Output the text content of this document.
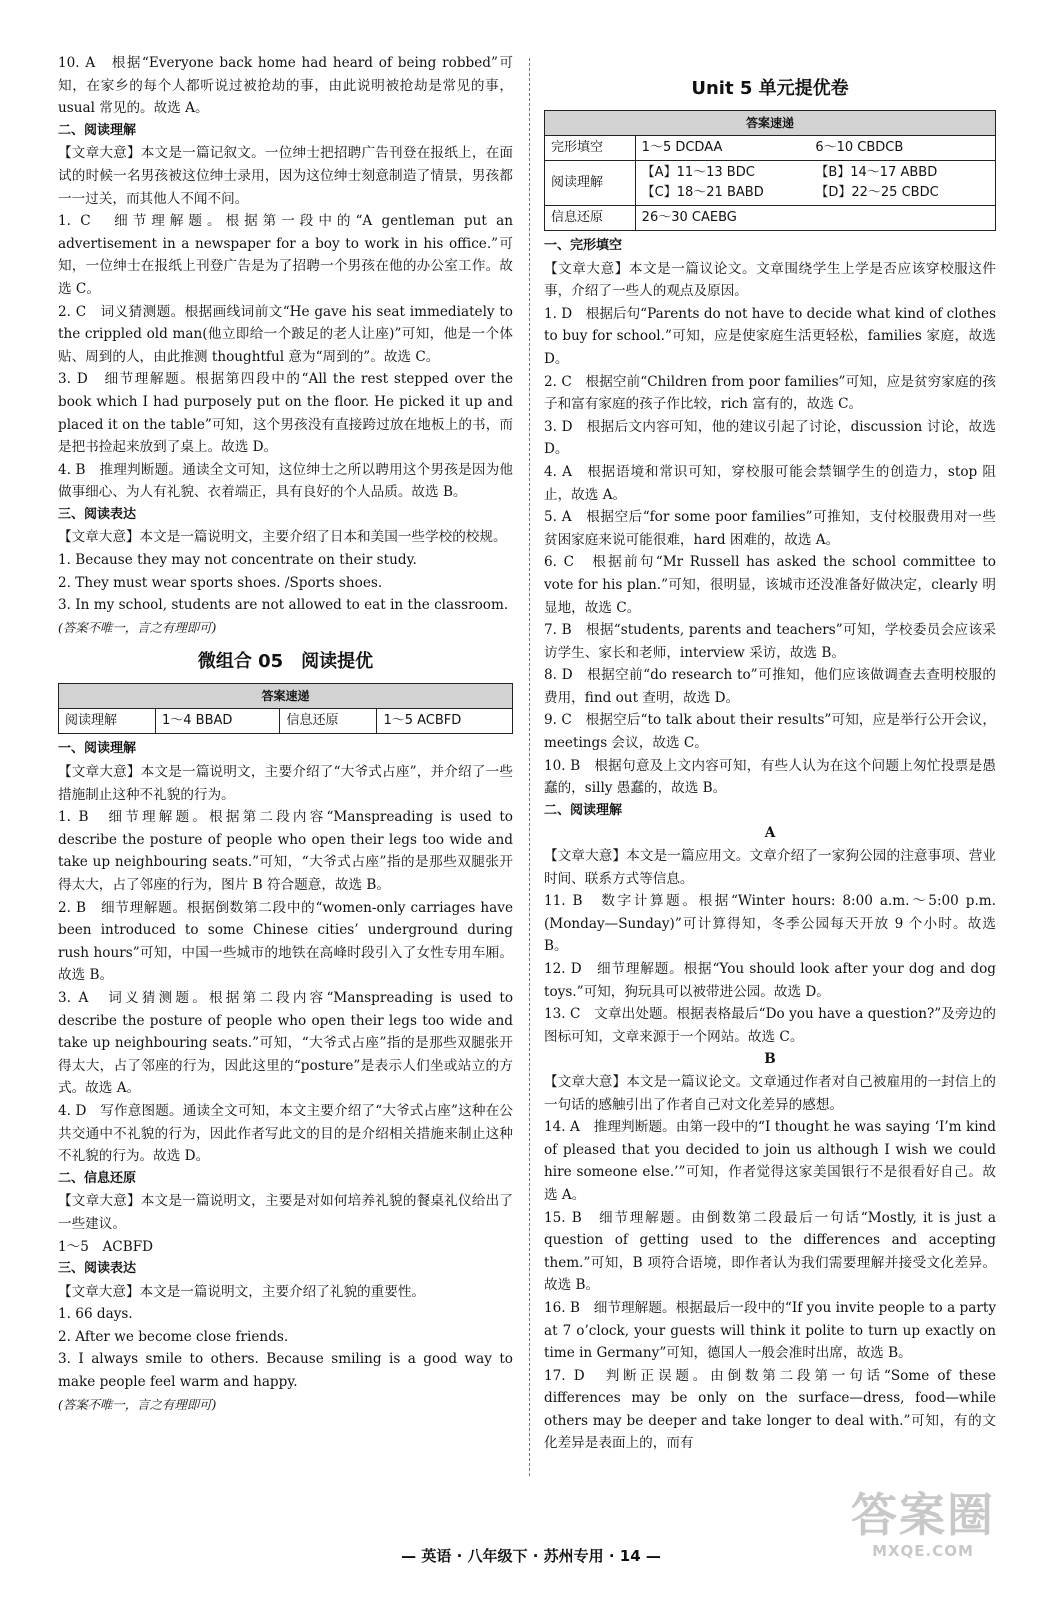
10. A　根据“Everyone back home had heard of being robbed”可知，在家乡的每个人都听说过被抢劫的事，由此说明被抢劫是常见的事，usual 常见的。故选 A。
二、阅读理解
【文章大意】本文是一篇记叙文。一位绅士把招聘广告刊登在报纸上，在面试的时候一名男孩被这位绅士录用，因为这位绅士刻意制造了情景，男孩都一一过关，而其他人不闻不问。
1. C　细节理解题。根据第一段中的“A gentleman put an advertisement in a newspaper for a boy to work in his office.”可知，一位绅士在报纸上刊登广告是为了招聘一个男孩在他的办公室工作。故选 C。
2. C　词义猜测题。根据画线词前文“He gave his seat immediately to the crippled old man(他立即给一个跛足的老人让座)”可知，他是一个体贴、周到的人，由此推测 thoughtful 意为“周到的”。故选 C。
3. D　细节理解题。根据第四段中的“All the rest stepped over the book which I had purposely put on the floor. He picked it up and placed it on the table”可知，这个男孩没有直接跨过放在地板上的书，而是把书捡起来放到了桌上。故选 D。
4. B　推理判断题。通读全文可知，这位绅士之所以聘用这个男孩是因为他做事细心、为人有礼貌、衣着端正，具有良好的个人品质。故选 B。
三、阅读表达
【文章大意】本文是一篇说明文，主要介绍了日本和美国一些学校的校规。
1. Because they may not concentrate on their study.
2. They must wear sports shoes. /Sports shoes.
3. In my school, students are not allowed to eat in the classroom.
(答案不唯一，言之有理即可)
微组合 05　阅读提优
答案速递
阅读理解	1～4 BBAD	信息还原	1～5 ACBFD
一、阅读理解
【文章大意】本文是一篇说明文，主要介绍了“大爷式占座”，并介绍了一些措施制止这种不礼貌的行为。
1. B　细节理解题。根据第二段内容“Manspreading is used to describe the posture of people who open their legs too wide and take up neighbouring seats.”可知，“大爷式占座”指的是那些双腿张开得太大，占了邻座的行为，图片 B 符合题意，故选 B。
2. B　细节理解题。根据倒数第二段中的“women-only carriages have been introduced to some Chinese cities’ underground during rush hours”可知，中国一些城市的地铁在高峰时段引入了女性专用车厢。故选 B。
3. A　词义猜测题。根据第二段内容“Manspreading is used to describe the posture of people who open their legs too wide and take up neighbouring seats.”可知，“大爷式占座”指的是那些双腿张开得太大，占了邻座的行为，因此这里的“posture”是表示人们坐或站立的方式。故选 A。
4. D　写作意图题。通读全文可知，本文主要介绍了“大爷式占座”这种在公共交通中不礼貌的行为，因此作者写此文的目的是介绍相关措施来制止这种不礼貌的行为。故选 D。
二、信息还原
【文章大意】本文是一篇说明文，主要是对如何培养礼貌的餐桌礼仪给出了一些建议。
1～5　ACBFD
三、阅读表达
【文章大意】本文是一篇说明文，主要介绍了礼貌的重要性。
1. 66 days.
2. After we become close friends.
3. I always smile to others. Because smiling is a good way to make people feel warm and happy.
(答案不唯一，言之有理即可)
Unit 5 单元提优卷
答案速递	
完形填空	1～5 DCDAA 6～10 CBDCB

阅读理解	【A】11～13 BDC 【B】14～17 ABBD
【C】18～21 BABD 【D】22～25 CBDC

信息还原	26～30 CAEBG
一、完形填空
【文章大意】本文是一篇议论文。文章围绕学生上学是否应该穿校服这件事，介绍了一些人的观点及原因。
1. D　根据后句“Parents do not have to decide what kind of clothes to buy for school.”可知，应是使家庭生活更轻松，families 家庭，故选 D。
2. C　根据空前“Children from poor families”可知，应是贫穷家庭的孩子和富有家庭的孩子作比较，rich 富有的，故选 C。
3. D　根据后文内容可知，他的建议引起了讨论，discussion 讨论，故选 D。
4. A　根据语境和常识可知，穿校服可能会禁锢学生的创造力，stop 阻止，故选 A。
5. A　根据空后“for some poor families”可推知，支付校服费用对一些贫困家庭来说可能很难，hard 困难的，故选 A。
6. C　根据前句“Mr Russell has asked the school committee to vote for his plan.”可知，很明显，该城市还没准备好做决定，clearly 明显地，故选 C。
7. B　根据“students, parents and teachers”可知，学校委员会应该采访学生、家长和老师，interview 采访，故选 B。
8. D　根据空前“do research to”可推知，他们应该做调查去查明校服的费用，find out 查明，故选 D。
9. C　根据空后“to talk about their results”可知，应是举行公开会议，meetings 会议，故选 C。
10. B　根据句意及上文内容可知，有些人认为在这个问题上匆忙投票是愚蠢的，silly 愚蠢的，故选 B。
二、阅读理解
A
【文章大意】本文是一篇应用文。文章介绍了一家狗公园的注意事项、营业时间、联系方式等信息。
11. B　数字计算题。根据“Winter hours: 8:00 a.m.～5:00 p.m. (Monday—Sunday)”可计算得知，冬季公园每天开放 9 个小时。故选 B。
12. D　细节理解题。根据“You should look after your dog and dog toys.”可知，狗玩具可以被带进公园。故选 D。
13. C　文章出处题。根据表格最后“Do you have a question?”及旁边的图标可知，文章来源于一个网站。故选 C。
B
【文章大意】本文是一篇议论文。文章通过作者对自己被雇用的一封信上的一句话的感触引出了作者自己对文化差异的感想。
14. A　推理判断题。由第一段中的“I thought he was saying ‘I’m kind of pleased that you decided to join us although I wish we could hire someone else.’”可知，作者觉得这家美国银行不是很看好自己。故选 A。
15. B　细节理解题。由倒数第二段最后一句话“Mostly, it is just a question of getting used to the differences and accepting them.”可知，B 项符合语境，即作者认为我们需要理解并接受文化差异。故选 B。
16. B　细节理解题。根据最后一段中的“If you invite people to a party at 7 o’clock, your guests will think it polite to turn up exactly on time in Germany”可知，德国人一般会准时出席，故选 B。
17. D　判断正误题。由倒数第二段第一句话“Some of these differences may be only on the surface—dress, food—while others may be deeper and take longer to deal with.”可知，有的文化差异是表面上的，而有
答案圈
MXQE.COM
— 英语 · 八年级下 · 苏州专用 · 14 —
